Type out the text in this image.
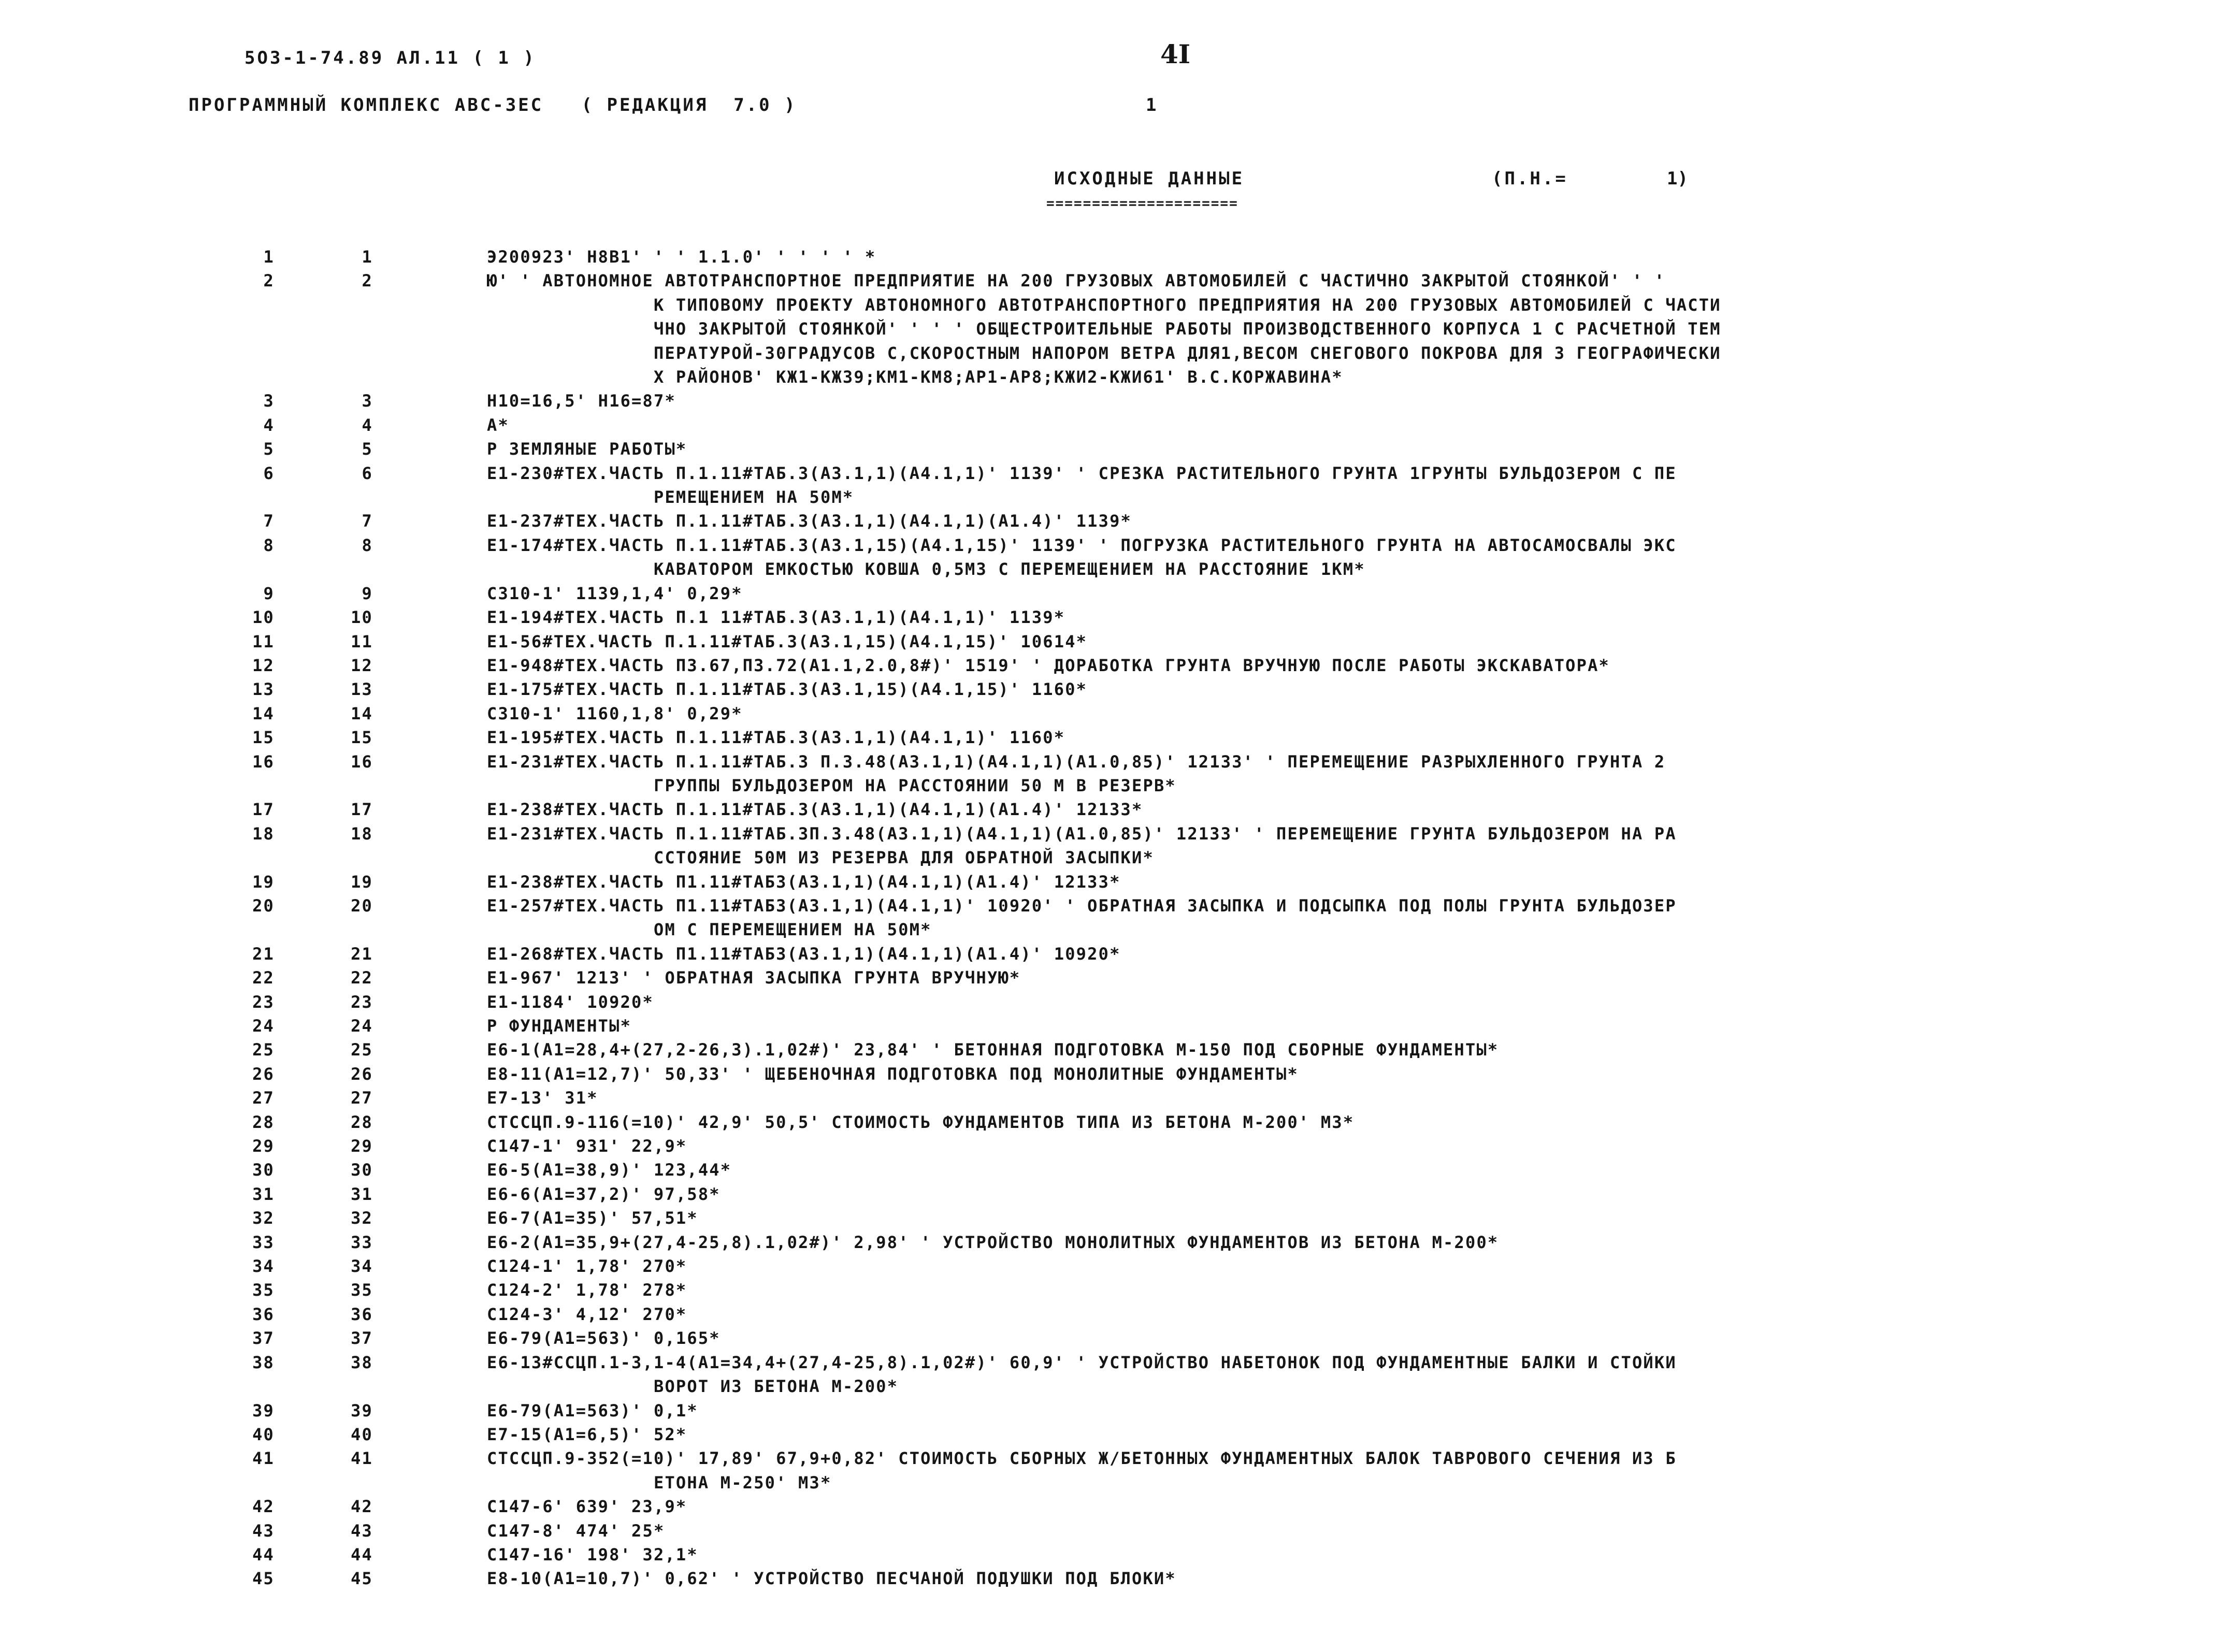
5O3-1-74.89 АЛ.11 ( 1 )	4I
ПРОГРАММНЫЙ КОМПЛЕКС АВС-3ЕС   ( РЕДАКЦИЯ  7.0 )	1
ИСХОДНЫЕ ДАННЫЕ
=====================
(П.Н.=	1)
1	1	Э200923' Н8В1' ' ' 1.1.0' ' ' ' ' *
2	2	Ю' ' АВТОНОМНОЕ АВТОТРАНСПОРТНОЕ ПРЕДПРИЯТИЕ НА 200 ГРУЗОВЫХ АВТОМОБИЛЕЙ С ЧАСТИЧНО ЗАКРЫТОЙ СТОЯНКОЙ' ' '
К ТИПОВОМУ ПРОЕКТУ АВТОНОМНОГО АВТОТРАНСПОРТНОГО ПРЕДПРИЯТИЯ НА 200 ГРУЗОВЫХ АВТОМОБИЛЕЙ С ЧАСТИ
ЧНО ЗАКРЫТОЙ СТОЯНКОЙ' ' ' ' ОБЩЕСТРОИТЕЛЬНЫЕ РАБОТЫ ПРОИЗВОДСТВЕННОГО КОРПУСА 1 С РАСЧЕТНОЙ ТЕМ
ПЕРАТУРОЙ-30ГРАДУСОВ С,СКОРОСТНЫМ НАПОРОМ ВЕТРА ДЛЯ1,ВЕСОМ СНЕГОВОГО ПОКРОВА ДЛЯ 3 ГЕОГРАФИЧЕСКИ
Х РАЙОНОВ' КЖ1-КЖ39;КМ1-КМ8;АР1-АР8;КЖИ2-КЖИ61' В.С.КОРЖАВИНА*
3	3	Н10=16,5' Н16=87*
4	4	А*
5	5	Р ЗЕМЛЯНЫЕ РАБОТЫ*
6	6	Е1-230#ТЕХ.ЧАСТЬ П.1.11#ТАБ.3(А3.1,1)(А4.1,1)' 1139' ' СРЕЗКА РАСТИТЕЛЬНОГО ГРУНТА 1ГРУНТЫ БУЛЬДОЗЕРОМ С ПЕ
РЕМЕЩЕНИЕМ НА 50М*
7	7	Е1-237#ТЕХ.ЧАСТЬ П.1.11#ТАБ.3(А3.1,1)(А4.1,1)(А1.4)' 1139*
8	8	Е1-174#ТЕХ.ЧАСТЬ П.1.11#ТАБ.3(А3.1,15)(А4.1,15)' 1139' ' ПОГРУЗКА РАСТИТЕЛЬНОГО ГРУНТА НА АВТОСАМОСВАЛЫ ЭКС
КАВАТОРОМ ЕМКОСТЬЮ КОВША 0,5М3 С ПЕРЕМЕЩЕНИЕМ НА РАССТОЯНИЕ 1КМ*
9	9	С310-1' 1139,1,4' 0,29*
10	10	Е1-194#ТЕХ.ЧАСТЬ П.1 11#ТАБ.3(А3.1,1)(А4.1,1)' 1139*
11	11	Е1-56#ТЕХ.ЧАСТЬ П.1.11#ТАБ.3(А3.1,15)(А4.1,15)' 10614*
12	12	Е1-948#ТЕХ.ЧАСТЬ П3.67,П3.72(А1.1,2.0,8#)' 1519' ' ДОРАБОТКА ГРУНТА ВРУЧНУЮ ПОСЛЕ РАБОТЫ ЭКСКАВАТОРА*
13	13	Е1-175#ТЕХ.ЧАСТЬ П.1.11#ТАБ.3(А3.1,15)(А4.1,15)' 1160*
14	14	С310-1' 1160,1,8' 0,29*
15	15	Е1-195#ТЕХ.ЧАСТЬ П.1.11#ТАБ.3(А3.1,1)(А4.1,1)' 1160*
16	16	Е1-231#ТЕХ.ЧАСТЬ П.1.11#ТАБ.3 П.3.48(А3.1,1)(А4.1,1)(А1.0,85)' 12133' ' ПЕРЕМЕЩЕНИЕ РАЗРЫХЛЕННОГО ГРУНТА 2
ГРУППЫ БУЛЬДОЗЕРОМ НА РАССТОЯНИИ 50 М В РЕЗЕРВ*
17	17	Е1-238#ТЕХ.ЧАСТЬ П.1.11#ТАБ.3(А3.1,1)(А4.1,1)(А1.4)' 12133*
18	18	Е1-231#ТЕХ.ЧАСТЬ П.1.11#ТАБ.3П.3.48(А3.1,1)(А4.1,1)(А1.0,85)' 12133' ' ПЕРЕМЕЩЕНИЕ ГРУНТА БУЛЬДОЗЕРОМ НА РА
ССТОЯНИЕ 50М ИЗ РЕЗЕРВА ДЛЯ ОБРАТНОЙ ЗАСЫПКИ*
19	19	Е1-238#ТЕХ.ЧАСТЬ П1.11#ТАБ3(А3.1,1)(А4.1,1)(А1.4)' 12133*
20	20	Е1-257#ТЕХ.ЧАСТЬ П1.11#ТАБ3(А3.1,1)(А4.1,1)' 10920' ' ОБРАТНАЯ ЗАСЫПКА И ПОДСЫПКА ПОД ПОЛЫ ГРУНТА БУЛЬДОЗЕР
ОМ С ПЕРЕМЕЩЕНИЕМ НА 50М*
21	21	Е1-268#ТЕХ.ЧАСТЬ П1.11#ТАБ3(А3.1,1)(А4.1,1)(А1.4)' 10920*
22	22	Е1-967' 1213' ' ОБРАТНАЯ ЗАСЫПКА ГРУНТА ВРУЧНУЮ*
23	23	Е1-1184' 10920*
24	24	Р ФУНДАМЕНТЫ*
25	25	Е6-1(А1=28,4+(27,2-26,3).1,02#)' 23,84' ' БЕТОННАЯ ПОДГОТОВКА М-150 ПОД СБОРНЫЕ ФУНДАМЕНТЫ*
26	26	Е8-11(А1=12,7)' 50,33' ' ЩЕБЕНОЧНАЯ ПОДГОТОВКА ПОД МОНОЛИТНЫЕ ФУНДАМЕНТЫ*
27	27	Е7-13' 31*
28	28	СТССЦП.9-116(=10)' 42,9' 50,5' СТОИМОСТЬ ФУНДАМЕНТОВ ТИПА ИЗ БЕТОНА М-200' М3*
29	29	С147-1' 931' 22,9*
30	30	Е6-5(А1=38,9)' 123,44*
31	31	Е6-6(А1=37,2)' 97,58*
32	32	Е6-7(А1=35)' 57,51*
33	33	Е6-2(А1=35,9+(27,4-25,8).1,02#)' 2,98' ' УСТРОЙСТВО МОНОЛИТНЫХ ФУНДАМЕНТОВ ИЗ БЕТОНА М-200*
34	34	С124-1' 1,78' 270*
35	35	С124-2' 1,78' 278*
36	36	С124-3' 4,12' 270*
37	37	Е6-79(А1=563)' 0,165*
38	38	Е6-13#ССЦП.1-3,1-4(А1=34,4+(27,4-25,8).1,02#)' 60,9' ' УСТРОЙСТВО НАБЕТОНОК ПОД ФУНДАМЕНТНЫЕ БАЛКИ И СТОЙКИ
ВОРОТ ИЗ БЕТОНА М-200*
39	39	Е6-79(А1=563)' 0,1*
40	40	Е7-15(А1=6,5)' 52*
41	41	СТССЦП.9-352(=10)' 17,89' 67,9+0,82' СТОИМОСТЬ СБОРНЫХ Ж/БЕТОННЫХ ФУНДАМЕНТНЫХ БАЛОК ТАВРОВОГО СЕЧЕНИЯ ИЗ Б
ЕТОНА М-250' М3*
42	42	С147-6' 639' 23,9*
43	43	С147-8' 474' 25*
44	44	С147-16' 198' 32,1*
45	45	Е8-10(А1=10,7)' 0,62' ' УСТРОЙСТВО ПЕСЧАНОЙ ПОДУШКИ ПОД БЛОКИ*
